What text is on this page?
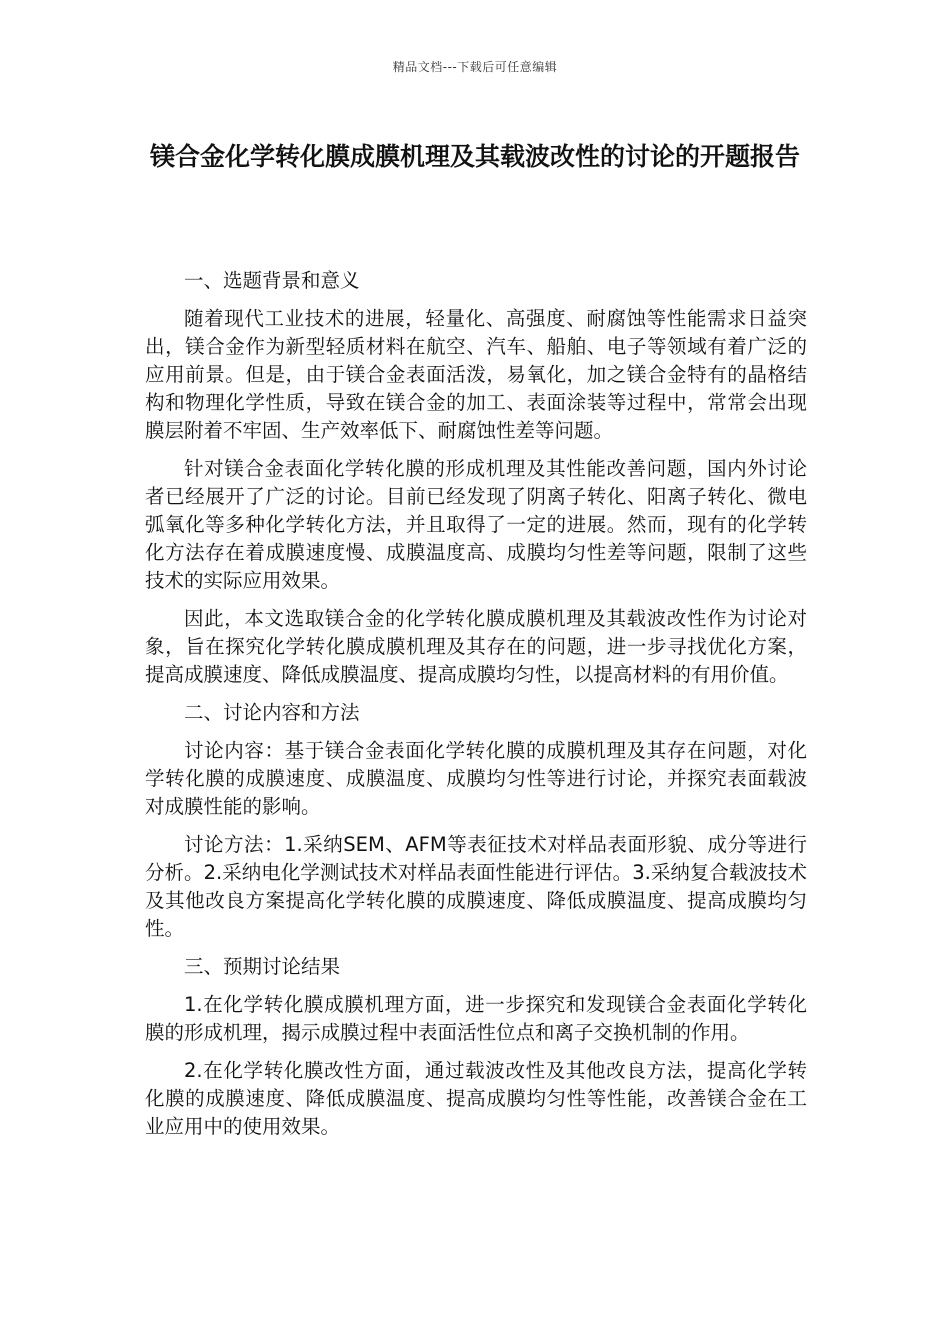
精品文档---下载后可任意编辑
镁合金化学转化膜成膜机理及其载波改性的讨论的开题报告

一、选题背景和意义

随着现代工业技术的进展，轻量化、高强度、耐腐蚀等性能需求日益突出，镁合金作为新型轻质材料在航空、汽车、船舶、电子等领域有着广泛的应用前景。但是，由于镁合金表面活泼，易氧化，加之镁合金特有的晶格结构和物理化学性质，导致在镁合金的加工、表面涂装等过程中，常常会出现膜层附着不牢固、生产效率低下、耐腐蚀性差等问题。

针对镁合金表面化学转化膜的形成机理及其性能改善问题，国内外讨论者已经展开了广泛的讨论。目前已经发现了阴离子转化、阳离子转化、微电弧氧化等多种化学转化方法，并且取得了一定的进展。然而，现有的化学转化方法存在着成膜速度慢、成膜温度高、成膜均匀性差等问题，限制了这些技术的实际应用效果。

因此，本文选取镁合金的化学转化膜成膜机理及其载波改性作为讨论对象，旨在探究化学转化膜成膜机理及其存在的问题，进一步寻找优化方案，提高成膜速度、降低成膜温度、提高成膜均匀性，以提高材料的有用价值。

二、讨论内容和方法

讨论内容：基于镁合金表面化学转化膜的成膜机理及其存在问题，对化学转化膜的成膜速度、成膜温度、成膜均匀性等进行讨论，并探究表面载波对成膜性能的影响。

讨论方法：1.采纳SEM、AFM等表征技术对样品表面形貌、成分等进行分析。2.采纳电化学测试技术对样品表面性能进行评估。3.采纳复合载波技术及其他改良方案提高化学转化膜的成膜速度、降低成膜温度、提高成膜均匀性。

三、预期讨论结果

1.在化学转化膜成膜机理方面，进一步探究和发现镁合金表面化学转化膜的形成机理，揭示成膜过程中表面活性位点和离子交换机制的作用。

2.在化学转化膜改性方面，通过载波改性及其他改良方法，提高化学转化膜的成膜速度、降低成膜温度、提高成膜均匀性等性能，改善镁合金在工业应用中的使用效果。
